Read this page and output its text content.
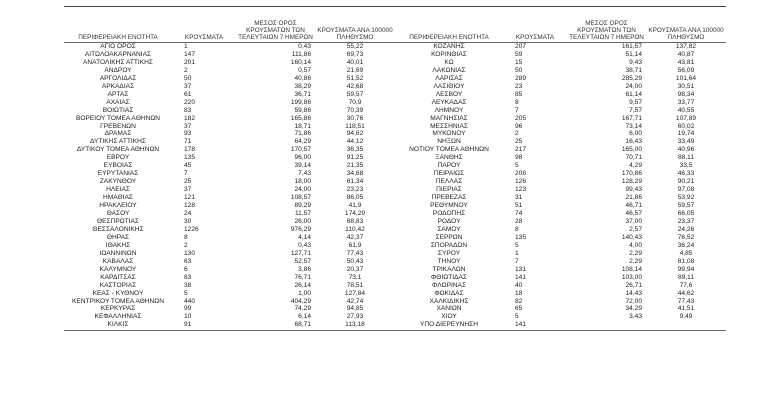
ΠΕΡΙΦΕΡΕΙΑΚΗ ΕΝΟΤΗΤΑ	ΚΡΟΥΣΜΑΤΑ	ΜΕΣΟΣ ΟΡΟΣ ΚΡΟΥΣΜΑΤΩΝ ΤΩΝ ΤΕΛΕΥΤΑΙΩΝ 7 ΗΜΕΡΩΝ	ΚΡΟΥΣΜΑΤΑ ΑΝΑ 100000 ΠΛΗΘΥΣΜΟ
ΑΓΙΟ ΟΡΟΣ	1	0,43	55,22
ΑΙΤΩΛΟΑΚΑΡΝΑΝΙΑΣ	147	111,86	69,73
ΑΝΑΤΟΛΙΚΗΣ ΑΤΤΙΚΗΣ	201	160,14	40,01
ΑΝΔΡΟΥ	2	0,57	21,69
ΑΡΓΟΛΙΔΑΣ	50	40,86	51,52
ΑΡΚΑΔΙΑΣ	37	38,29	42,68
ΑΡΤΑΣ	61	36,71	59,57
ΑΧΑΪΑΣ	220	199,86	70,9
ΒΟΙΩΤΙΑΣ	83	59,86	70,39
ΒΟΡΕΙΟΥ ΤΟΜΕΑ ΑΘΗΝΩΝ	182	165,86	30,76
ΓΡΕΒΕΝΩΝ	37	18,71	118,51
ΔΡΑΜΑΣ	93	71,86	94,62
ΔΥΤΙΚΗΣ ΑΤΤΙΚΗΣ	71	64,29	44,12
ΔΥΤΙΚΟΥ ΤΟΜΕΑ ΑΘΗΝΩΝ	178	170,57	36,35
ΕΒΡΟΥ	135	96,00	91,25
ΕΥΒΟΙΑΣ	45	39,14	21,35
ΕΥΡΥΤΑΝΙΑΣ	7	7,43	34,68
ΖΑΚΥΝΘΟΥ	25	18,00	61,34
ΗΛΕΙΑΣ	37	24,00	23,23
ΗΜΑΘΙΑΣ	121	108,57	86,05
ΗΡΑΚΛΕΙΟΥ	128	89,29	41,9
ΘΑΣΟΥ	24	11,57	174,29
ΘΕΣΠΡΩΤΙΑΣ	30	26,00	68,83
ΘΕΣΣΑΛΟΝΙΚΗΣ	1226	976,29	110,42
ΘΗΡΑΣ	8	4,14	42,37
ΙΘΑΚΗΣ	2	0,43	61,9
ΙΩΑΝΝΙΝΩΝ	130	127,71	77,43
ΚΑΒΑΛΑΣ	63	52,57	50,43
ΚΑΛΥΜΝΟΥ	6	3,86	20,37
ΚΑΡΔΙΤΣΑΣ	83	76,71	73,1
ΚΑΣΤΟΡΙΑΣ	38	26,14	78,51
ΚΕΑΣ - ΚΥΘΝΟΥ	5	1,00	127,84
ΚΕΝΤΡΙΚΟΥ ΤΟΜΕΑ ΑΘΗΝΩΝ	440	404,29	42,74
ΚΕΡΚΥΡΑΣ	99	74,29	94,85
ΚΕΦΑΛΛΗΝΙΑΣ	10	6,14	27,93
ΚΙΛΚΙΣ	91	68,71	113,18
ΠΕΡΙΦΕΡΕΙΑΚΗ ΕΝΟΤΗΤΑ	ΚΡΟΥΣΜΑΤΑ	ΜΕΣΟΣ ΟΡΟΣ ΚΡΟΥΣΜΑΤΩΝ ΤΩΝ ΤΕΛΕΥΤΑΙΩΝ 7 ΗΜΕΡΩΝ	ΚΡΟΥΣΜΑΤΑ ΑΝΑ 100000 ΠΛΗΘΥΣΜΟ
ΚΟΖΑΝΗΣ	207	161,57	137,82
ΚΟΡΙΝΘΙΑΣ	59	51,14	40,87
ΚΩ	15	9,43	43,81
ΛΑΚΩΝΙΑΣ	50	38,71	56,09
ΛΑΡΙΣΑΣ	289	285,29	101,64
ΛΑΣΙΘΙΟΥ	23	24,00	30,51
ΛΕΣΒΟΥ	85	61,14	98,34
ΛΕΥΚΑΔΑΣ	8	9,57	33,77
ΛΗΜΝΟΥ	7	7,57	40,55
ΜΑΓΝΗΣΙΑΣ	205	167,71	107,89
ΜΕΣΣΗΝΙΑΣ	96	73,14	60,02
ΜΥΚΟΝΟΥ	2	6,00	19,74
ΝΗΞΩΝ	25	16,43	33,49
ΝΟΤΙΟΥ ΤΟΜΕΑ ΑΘΗΝΩΝ	217	165,00	40,96
ΞΑΝΘΗΣ	98	70,71	88,11
ΠΑΡΟΥ	5	4,29	33,5
ΠΕΙΡΑΙΩΣ	208	170,86	46,33
ΠΕΛΛΑΣ	126	128,29	90,21
ΠΙΕΡΙΑΣ	123	99,43	97,08
ΠΡΕΒΕΖΑΣ	31	21,86	53,92
ΡΕΘΥΜΝΟΥ	51	46,71	59,57
ΡΟΔΟΠΗΣ	74	46,57	66,05
ΡΟΔΟΥ	28	37,00	23,37
ΣΑΜΟΥ	8	2,57	24,26
ΣΕΡΡΩΝ	135	140,43	76,52
ΣΠΟΡΑΔΩΝ	5	4,00	36,24
ΣΥΡΟΥ	1	2,29	4,85
ΤΗΝΟΥ	7	2,29	81,08
ΤΡΙΚΑΛΩΝ	131	108,14	99,94
ΦΘΙΩΤΙΔΑΣ	141	103,00	89,11
ΦΛΩΡΙΝΑΣ	40	26,71	77,6
ΦΩΚΙΔΑΣ	18	14,43	44,62
ΧΑΛΚΙΔΙΚΗΣ	82	72,00	77,43
ΧΑΝΙΩΝ	65	34,29	41,51
ΧΙΟΥ	5	3,43	9,49
ΥΠΟ ΔΙΕΡΕΥΝΗΣΗ	141		
